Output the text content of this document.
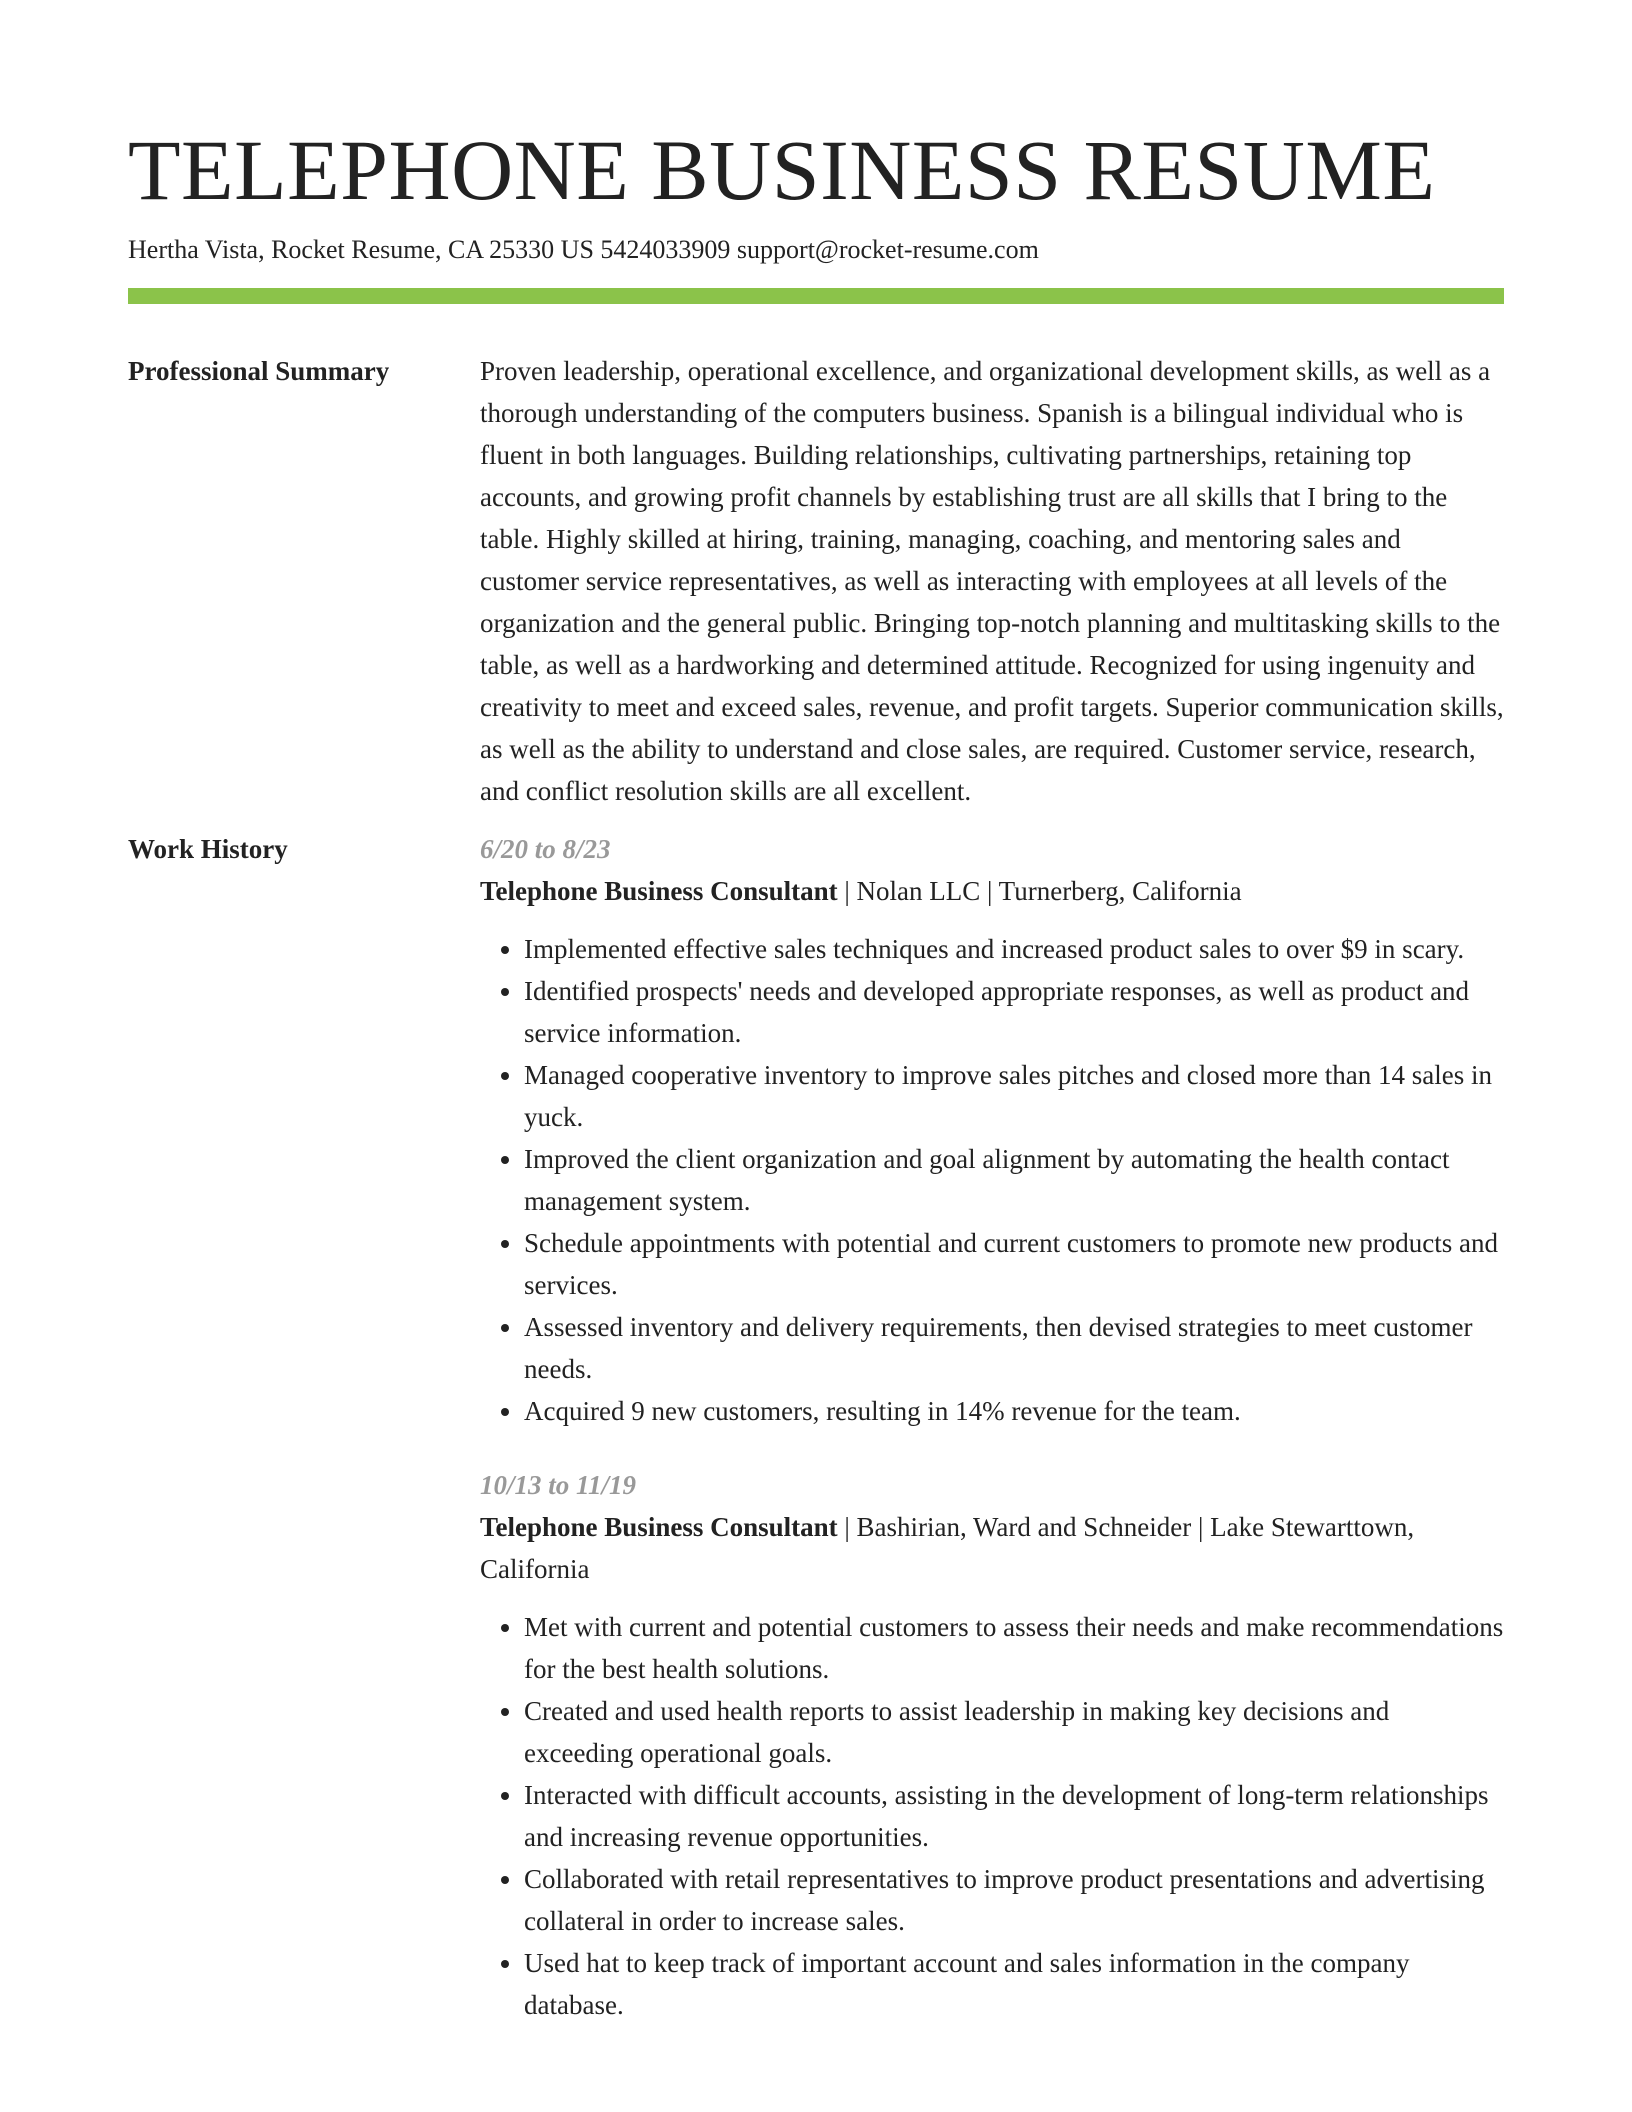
TELEPHONE BUSINESS RESUME
Hertha Vista, Rocket Resume, CA 25330 US 5424033909 support@rocket-resume.com
Professional Summary	Proven leadership, operational excellence, and organizational development skills, as well as a thorough understanding of the computers business. Spanish is a bilingual individual who is fluent in both languages. Building relationships, cultivating partnerships, retaining top accounts, and growing profit channels by establishing trust are all skills that I bring to the table. Highly skilled at hiring, training, managing, coaching, and mentoring sales and customer service representatives, as well as interacting with employees at all levels of the organization and the general public. Bringing top-notch planning and multitasking skills to the table, as well as a hardworking and determined attitude. Recognized for using ingenuity and creativity to meet and exceed sales, revenue, and profit targets. Superior communication skills, as well as the ability to understand and close sales, are required. Customer service, research, and conflict resolution skills are all excellent.

Work History	6/20 to 8/23

Telephone Business Consultant | Nolan LLC | Turnerberg, California

• Implemented effective sales techniques and increased product sales to over $9 in scary.
• Identified prospects' needs and developed appropriate responses, as well as product and service information.
• Managed cooperative inventory to improve sales pitches and closed more than 14 sales in yuck.
• Improved the client organization and goal alignment by automating the health contact management system.
• Schedule appointments with potential and current customers to promote new products and services.
• Assessed inventory and delivery requirements, then devised strategies to meet customer needs.
• Acquired 9 new customers, resulting in 14% revenue for the team.
10/13 to 11/19

Telephone Business Consultant | Bashirian, Ward and Schneider | Lake Stewarttown, California

• Met with current and potential customers to assess their needs and make recommendations for the best health solutions.
• Created and used health reports to assist leadership in making key decisions and exceeding operational goals.
• Interacted with difficult accounts, assisting in the development of long-term relationships and increasing revenue opportunities.
• Collaborated with retail representatives to improve product presentations and advertising collateral in order to increase sales.
• Used hat to keep track of important account and sales information in the company database.
